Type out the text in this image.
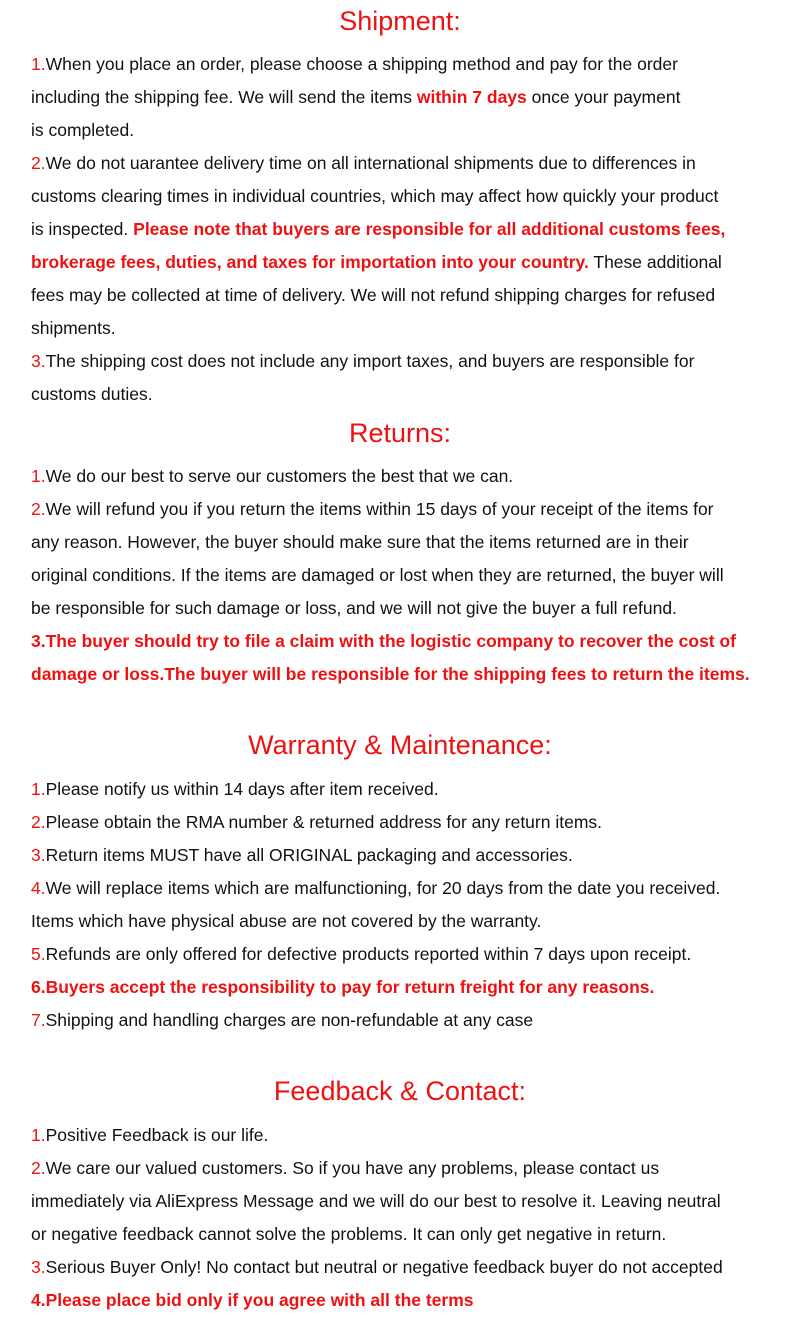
Shipment:

1.When you place an order, please choose a shipping method and pay for the order
including the shipping fee. We will send the items within 7 days once your payment
is completed.

2.We do not uarantee delivery time on all international shipments due to differences in
customs clearing times in individual countries, which may affect how quickly your product
is inspected. Please note that buyers are responsible for all additional customs fees,
brokerage fees, duties, and taxes for importation into your country. These additional
fees may be collected at time of delivery. We will not refund shipping charges for refused
shipments.

3.The shipping cost does not include any import taxes, and buyers are responsible for
customs duties.

Returns:

1.We do our best to serve our customers the best that we can.

2.We will refund you if you return the items within 15 days of your receipt of the items for
any reason. However, the buyer should make sure that the items returned are in their
original conditions. If the items are damaged or lost when they are returned, the buyer will
be responsible for such damage or loss, and we will not give the buyer a full refund.

3.The buyer should try to file a claim with the logistic company to recover the cost of
damage or loss.The buyer will be responsible for the shipping fees to return the items.

Warranty & Maintenance:

1.Please notify us within 14 days after item received.

2.Please obtain the RMA number & returned address for any return items.

3.Return items MUST have all ORIGINAL packaging and accessories.

4.We will replace items which are malfunctioning, for 20 days from the date you received.
Items which have physical abuse are not covered by the warranty.

5.Refunds are only offered for defective products reported within 7 days upon receipt.

6.Buyers accept the responsibility to pay for return freight for any reasons.

7.Shipping and handling charges are non-refundable at any case

Feedback & Contact:

1.Positive Feedback is our life.

2.We care our valued customers. So if you have any problems, please contact us
immediately via AliExpress Message and we will do our best to resolve it. Leaving neutral
or negative feedback cannot solve the problems. It can only get negative in return.

3.Serious Buyer Only! No contact but neutral or negative feedback buyer do not accepted

4.Please place bid only if you agree with all the terms
